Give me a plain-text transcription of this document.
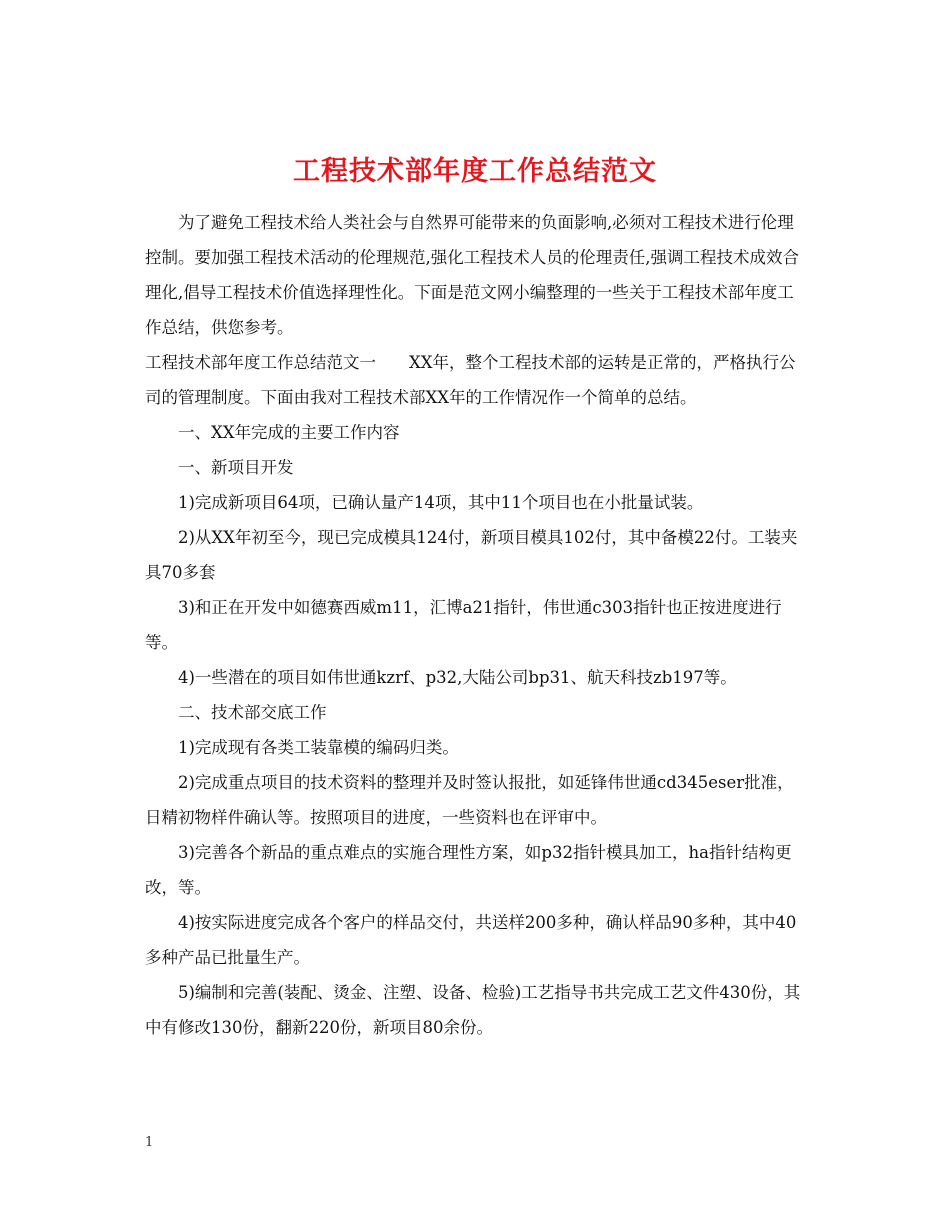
工程技术部年度工作总结范文

为了避免工程技术给人类社会与自然界可能带来的负面影响,必须对工程技术进行伦理控制。要加强工程技术活动的伦理规范,强化工程技术人员的伦理责任,强调工程技术成效合理化,倡导工程技术价值选择理性化。下面是范文网小编整理的一些关于工程技术部年度工作总结，供您参考。

工程技术部年度工作总结范文一　　XX年，整个工程技术部的运转是正常的，严格执行公司的管理制度。下面由我对工程技术部XX年的工作情况作一个简单的总结。

一、XX年完成的主要工作内容

一、新项目开发

1)完成新项目64项，已确认量产14项，其中11个项目也在小批量试装。

2)从XX年初至今，现已完成模具124付，新项目模具102付，其中备模22付。工装夹具70多套

3)和正在开发中如德赛西威m11，汇博a21指针，伟世通c303指针也正按进度进行等。

4)一些潜在的项目如伟世通kzrf、p32,大陆公司bp31、航天科技zb197等。

二、技术部交底工作

1)完成现有各类工装靠模的编码归类。

2)完成重点项目的技术资料的整理并及时签认报批，如延锋伟世通cd345eser批准，日精初物样件确认等。按照项目的进度，一些资料也在评审中。

3)完善各个新品的重点难点的实施合理性方案，如p32指针模具加工，ha指针结构更改，等。

4)按实际进度完成各个客户的样品交付，共送样200多种，确认样品90多种，其中40多种产品已批量生产。

5)编制和完善(装配、烫金、注塑、设备、检验)工艺指导书共完成工艺文件430份，其中有修改130份，翻新220份，新项目80余份。

1
